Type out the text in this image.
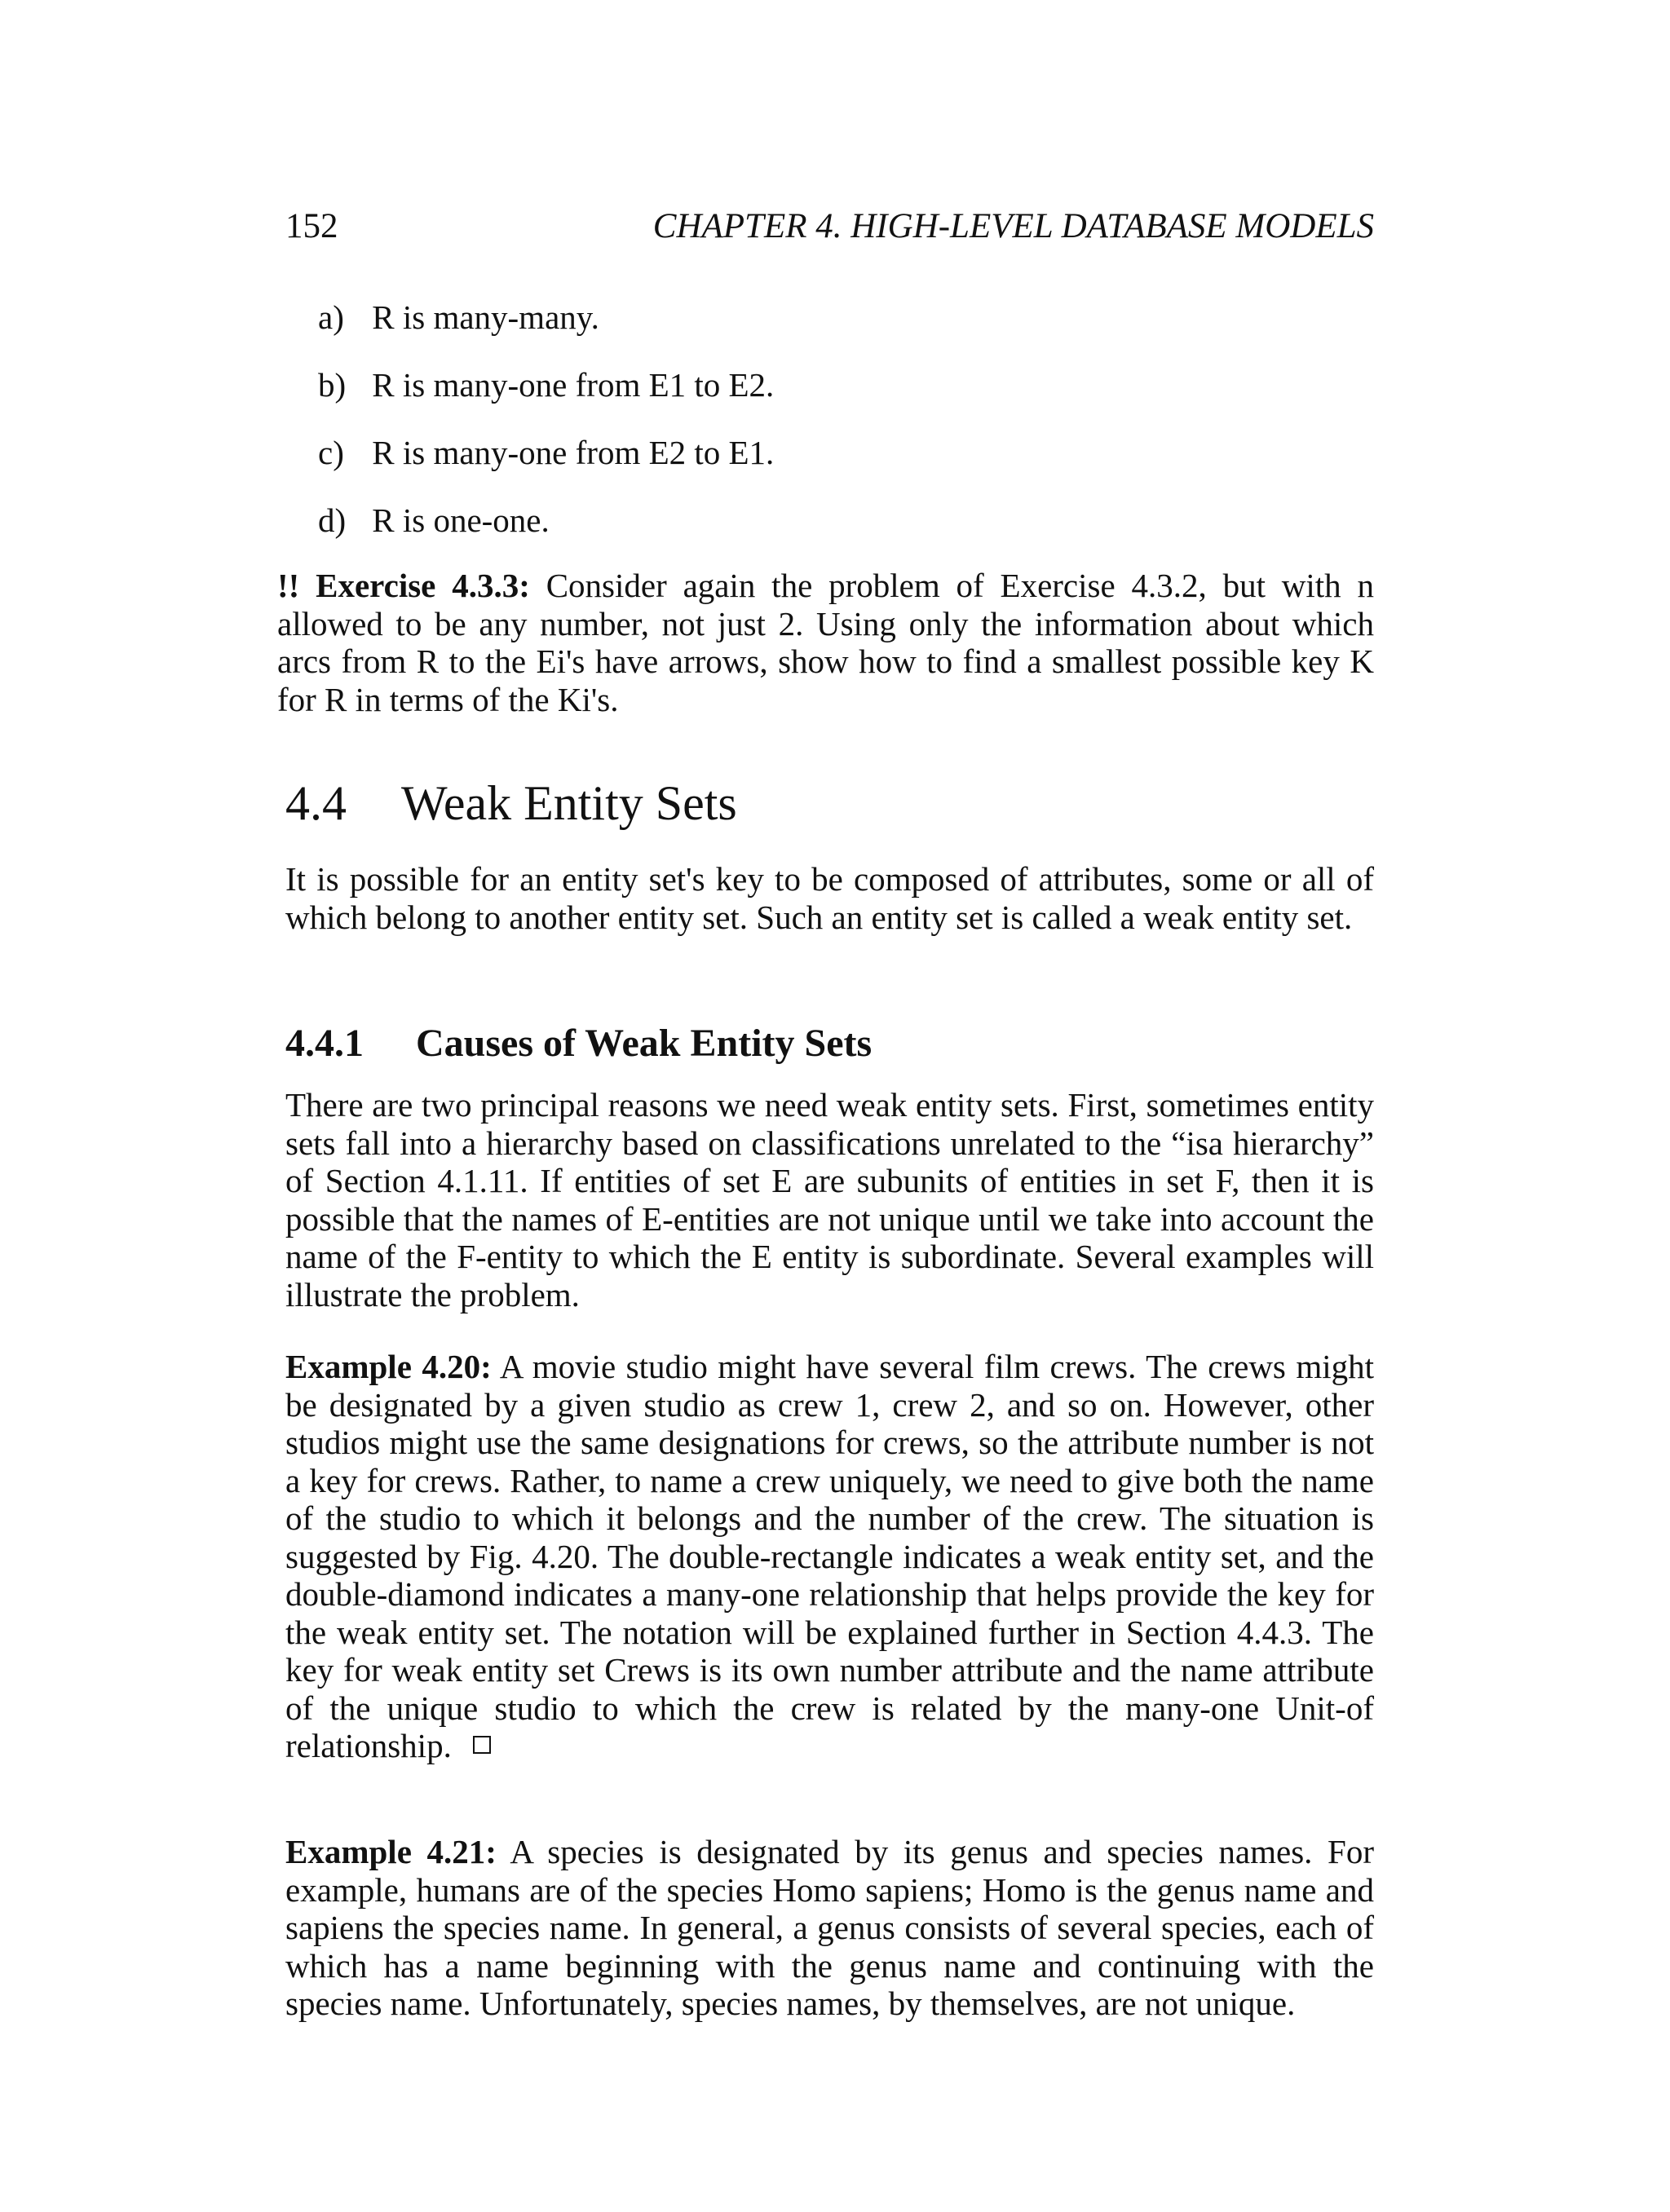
152	CHAPTER 4. HIGH-LEVEL DATABASE MODELS
a) R is many-many.
b) R is many-one from E1 to E2.
c) R is many-one from E2 to E1.
d) R is one-one.
!! Exercise 4.3.3: Consider again the problem of Exercise 4.3.2, but with n allowed to be any number, not just 2. Using only the information about which arcs from R to the Ei's have arrows, show how to find a smallest possible key K for R in terms of the Ki's.
4.4 Weak Entity Sets
It is possible for an entity set's key to be composed of attributes, some or all of which belong to another entity set. Such an entity set is called a weak entity set.
4.4.1 Causes of Weak Entity Sets
There are two principal reasons we need weak entity sets. First, sometimes entity sets fall into a hierarchy based on classifications unrelated to the “isa hierarchy” of Section 4.1.11. If entities of set E are subunits of entities in set F, then it is possible that the names of E-entities are not unique until we take into account the name of the F-entity to which the E entity is subordinate. Several examples will illustrate the problem.
Example 4.20: A movie studio might have several film crews. The crews might be designated by a given studio as crew 1, crew 2, and so on. However, other studios might use the same designations for crews, so the attribute number is not a key for crews. Rather, to name a crew uniquely, we need to give both the name of the studio to which it belongs and the number of the crew. The situation is suggested by Fig. 4.20. The double-rectangle indicates a weak entity set, and the double-diamond indicates a many-one relationship that helps provide the key for the weak entity set. The notation will be explained further in Section 4.4.3. The key for weak entity set Crews is its own number attribute and the name attribute of the unique studio to which the crew is related by the many-one Unit-of relationship.
Example 4.21: A species is designated by its genus and species names. For example, humans are of the species Homo sapiens; Homo is the genus name and sapiens the species name. In general, a genus consists of several species, each of which has a name beginning with the genus name and continuing with the species name. Unfortunately, species names, by themselves, are not unique.
